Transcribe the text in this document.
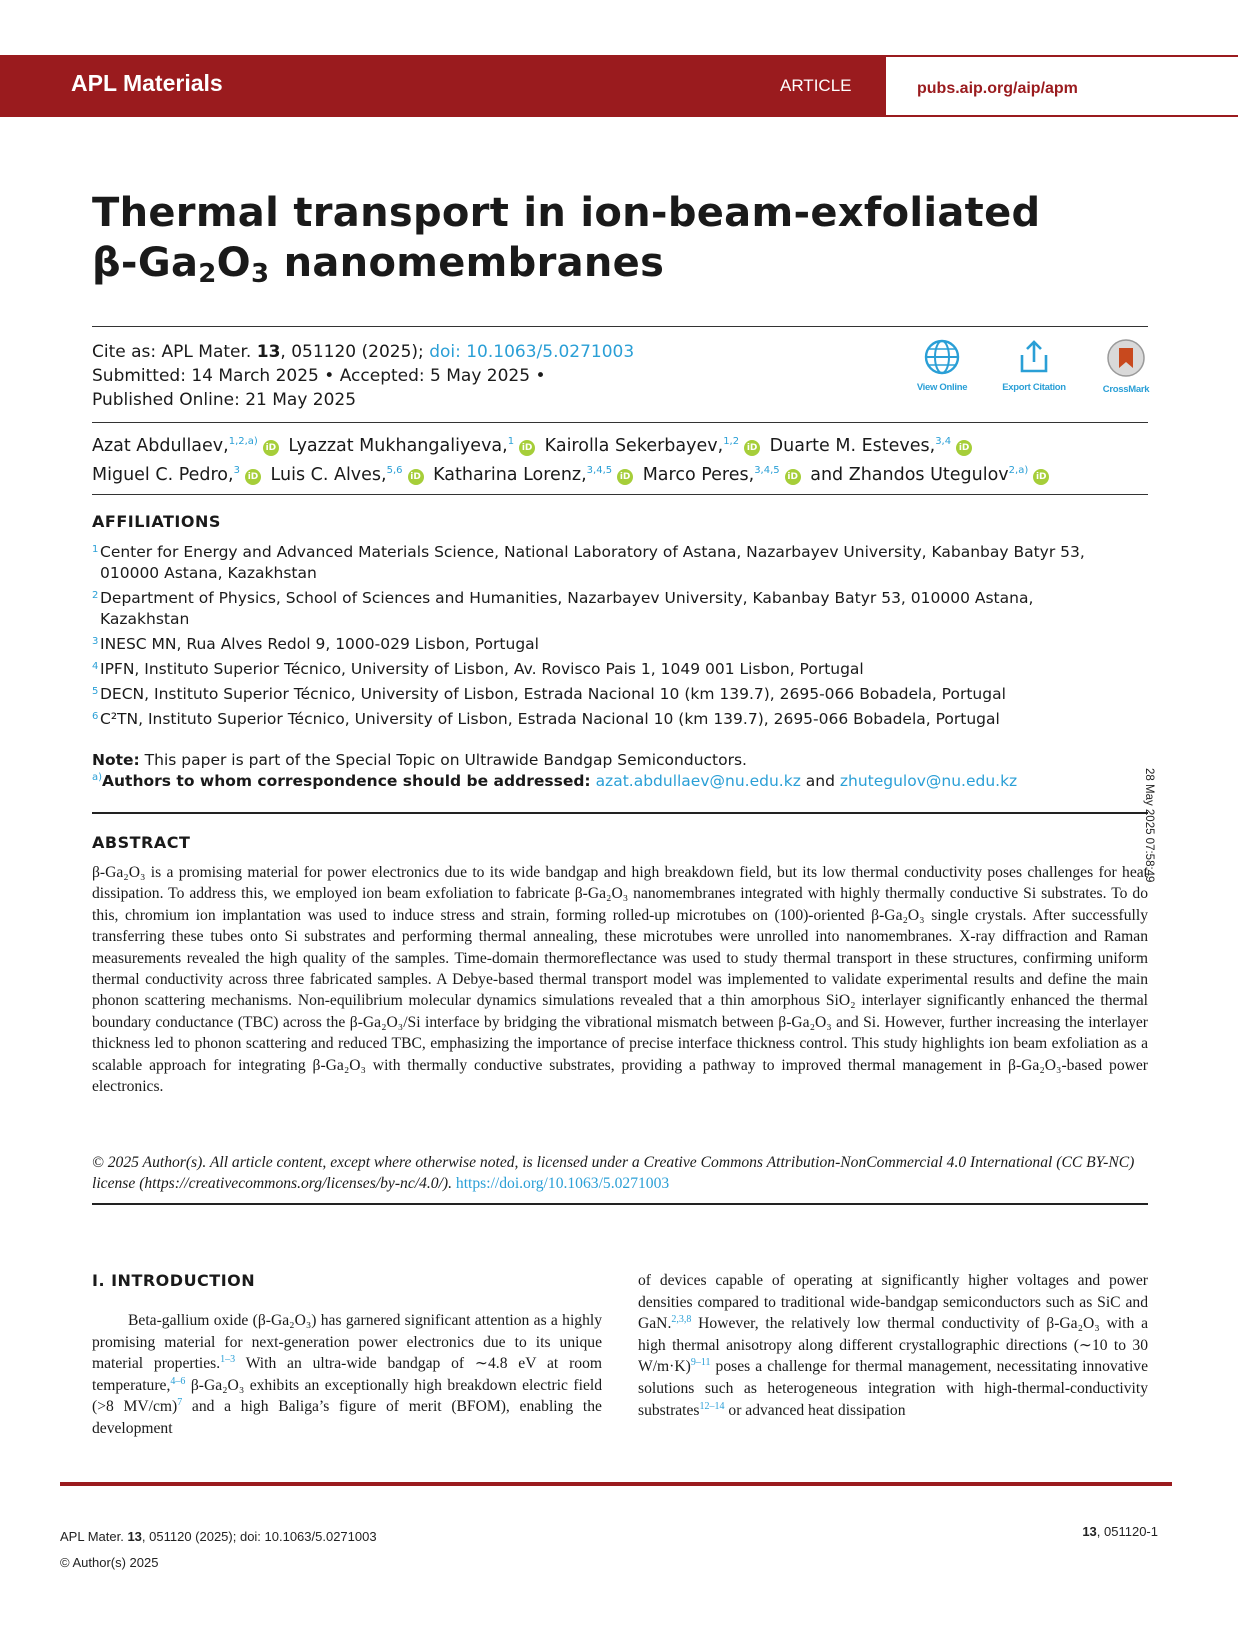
APL Materials	ARTICLE	pubs.aip.org/aip/apm
Thermal transport in ion-beam-exfoliated
$\beta-Ga_2O_3$ nanomembranes
Cite as: APL Mater. 13, 051120 (2025); doi: 10.1063/5.0271003
Submitted: 14 March 2025 • Accepted: 5 May 2025 •
Published Online: 21 May 2025
View Online	Export Citation	CrossMark
Azat Abdullaev,$^{1,2,a)}$iD Lyazzat Mukhangaliyeva,$^1$iD Kairolla Sekerbayev,$^{1,2}$iD Duarte M. Esteves,$^{3,4}$iD
Miguel C. Pedro,$^3$iD Luis C. Alves,$^{5,6}$iD Katharina Lorenz,$^{3,4,5}$iD Marco Peres,$^{3,4,5}$iD and Zhandos Utegulov$^{2,a)}$iD
AFFILIATIONS
1 Center for Energy and Advanced Materials Science, National Laboratory of Astana, Nazarbayev University, Kabanbay Batyr 53, 010000 Astana, Kazakhstan
2 Department of Physics, School of Sciences and Humanities, Nazarbayev University, Kabanbay Batyr 53, 010000 Astana, Kazakhstan
3 INESC MN, Rua Alves Redol 9, 1000-029 Lisbon, Portugal
4 IPFN, Instituto Superior Técnico, University of Lisbon, Av. Rovisco Pais 1, 1049 001 Lisbon, Portugal
5 DECN, Instituto Superior Técnico, University of Lisbon, Estrada Nacional 10 (km 139.7), 2695-066 Bobadela, Portugal
6 C²TN, Instituto Superior Técnico, University of Lisbon, Estrada Nacional 10 (km 139.7), 2695-066 Bobadela, Portugal
Note: This paper is part of the Special Topic on Ultrawide Bandgap Semiconductors.
$^{a)}$Authors to whom correspondence should be addressed: azat.abdullaev@nu.edu.kz and zhutegulov@nu.edu.kz
ABSTRACT

β-Ga₂O₃ is a promising material for power electronics due to its wide bandgap and high breakdown field, but its low thermal conductivity poses challenges for heat dissipation. To address this, we employed ion beam exfoliation to fabricate β-Ga₂O₃ nanomembranes integrated with highly thermally conductive Si substrates. To do this, chromium ion implantation was used to induce stress and strain, forming rolled-up microtubes on (100)-oriented β-Ga₂O₃ single crystals. After successfully transferring these tubes onto Si substrates and performing thermal annealing, these microtubes were unrolled into nanomembranes. X-ray diffraction and Raman measurements revealed the high quality of the samples. Time-domain thermoreflectance was used to study thermal transport in these structures, confirming uniform thermal conductivity across three fabricated samples. A Debye-based thermal transport model was implemented to validate experimental results and define the main phonon scattering mechanisms. Non-equilibrium molecular dynamics simulations revealed that a thin amorphous SiO₂ interlayer significantly enhanced the thermal boundary conductance (TBC) across the β-Ga₂O₃/Si interface by bridging the vibrational mismatch between β-Ga₂O₃ and Si. However, further increasing the interlayer thickness led to phonon scattering and reduced TBC, emphasizing the importance of precise interface thickness control. This study highlights ion beam exfoliation as a scalable approach for integrating β-Ga₂O₃ with thermally conductive substrates, providing a pathway to improved thermal management in β-Ga₂O₃-based power electronics.

© 2025 Author(s). All article content, except where otherwise noted, is licensed under a Creative Commons Attribution-NonCommercial 4.0 International (CC BY-NC) license (https://creativecommons.org/licenses/by-nc/4.0/). https://doi.org/10.1063/5.0271003

I. INTRODUCTION

Beta-gallium oxide (β-Ga₂O₃) has garnered significant attention as a highly promising material for next-generation power electronics due to its unique material properties.$^{1-3}$ With an ultra-wide bandgap of ∼4.8 eV at room temperature,$^{4-6}$ β-Ga₂O₃ exhibits an exceptionally high breakdown electric field (>8 MV/cm)$^7$ and a high Baliga’s figure of merit (BFOM), enabling the development

of devices capable of operating at significantly higher voltages and power densities compared to traditional wide-bandgap semiconductors such as SiC and GaN.$^{2,3,8}$ However, the relatively low thermal conductivity of β-Ga₂O₃ with a high thermal anisotropy along different crystallographic directions (∼10 to 30 W/m·K)$^{9-11}$ poses a challenge for thermal management, necessitating innovative solutions such as heterogeneous integration with high-thermal-conductivity substrates$^{12-14}$ or advanced heat dissipation

APL Mater. 13, 051120 (2025); doi: 10.1063/5.0271003
© Author(s) 2025
13, 051120-1
28 May 2025 07:58:49
